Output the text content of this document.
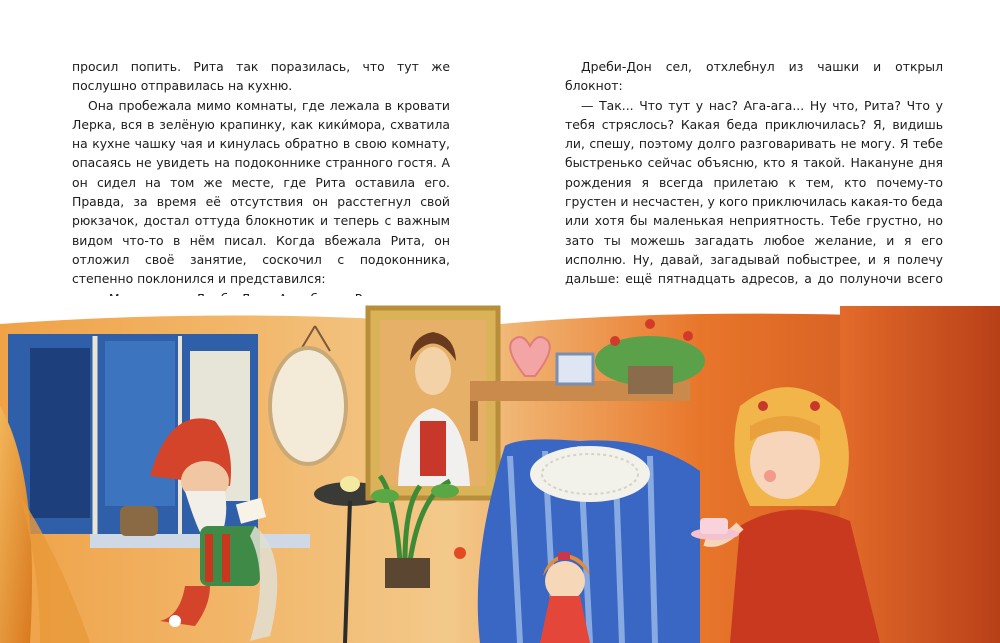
просил попить. Рита так поразилась, что тут же послушно отправилась на кухню.

Она пробежала мимо комнаты, где лежала в кровати Лерка, вся в зелёную крапинку, как кики́мора, схватила на кухне чашку чая и кинулась обратно в свою комнату, опасаясь не увидеть на подоконнике странного гостя. А он сидел на том же месте, где Рита оставила его. Правда, за время её отсутствия он расстегнул свой рюкзачок, достал оттуда блокнотик и теперь с важным видом что-то в нём писал. Когда вбежала Рита, он отложил своё занятие, соскочил с подоконника, степенно поклонился и представился:

Дреби-Дон сел, отхлебнул из чашки и открыл блокнот:

— Так... Что тут у нас? Ага-ага... Ну что, Рита? Что у тебя стряслось? Какая беда приключилась? Я, видишь ли, спешу, поэтому долго разговаривать не могу. Я тебе быстренько сейчас объясню, кто я такой. Накануне дня рождения я всегда прилетаю к тем, кто почему-то грустен и несчастен, у кого приключилась какая-то беда или хотя бы маленькая неприятность. Тебе грустно, но зато ты можешь загадать любое желание, и я его исполню. Ну, давай, загадывай побыстрее, и я полечу дальше: ещё пятнадцать адресов, а до полуночи всего
